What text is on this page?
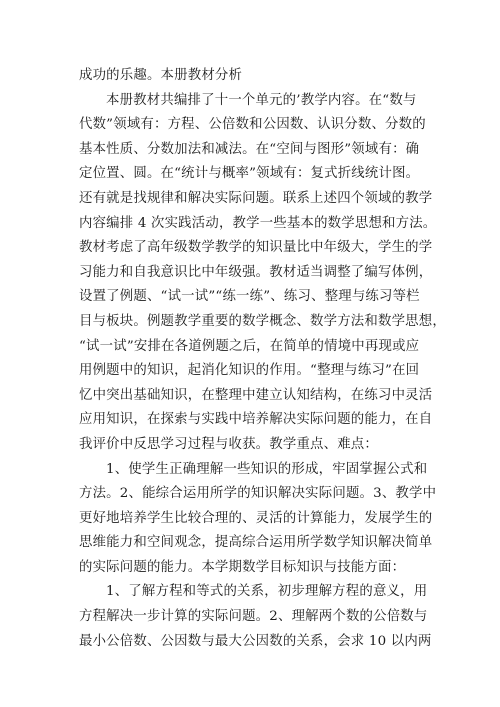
成功的乐趣。本册教材分析
本册教材共编排了十一个单元的’教学内容。在“数与
代数”领域有：方程、公倍数和公因数、认识分数、分数的
基本性质、分数加法和减法。在“空间与图形”领域有：确
定位置、圆。在“统计与概率”领域有：复式折线统计图。
还有就是找规律和解决实际问题。联系上述四个领域的教学
内容编排 4 次实践活动，教学一些基本的数学思想和方法。
教材考虑了高年级数学教学的知识量比中年级大，学生的学
习能力和自我意识比中年级强。教材适当调整了编写体例，
设置了例题、“试一试”“练一练”、练习、整理与练习等栏
目与板块。例题教学重要的数学概念、数学方法和数学思想，
“试一试”安排在各道例题之后，在简单的情境中再现或应
用例题中的知识，起消化知识的作用。“整理与练习”在回
忆中突出基础知识，在整理中建立认知结构，在练习中灵活
应用知识，在探索与实践中培养解决实际问题的能力，在自
我评价中反思学习过程与收获。教学重点、难点：
1、使学生正确理解一些知识的形成，牢固掌握公式和
方法。2、能综合运用所学的知识解决实际问题。3、教学中
更好地培养学生比较合理的、灵活的计算能力，发展学生的
思维能力和空间观念，提高综合运用所学数学知识解决简单
的实际问题的能力。本学期数学目标知识与技能方面：
1、了解方程和等式的关系，初步理解方程的意义，用
方程解决一步计算的实际问题。2、理解两个数的公倍数与
最小公倍数、公因数与最大公因数的关系，会求 10 以内两
